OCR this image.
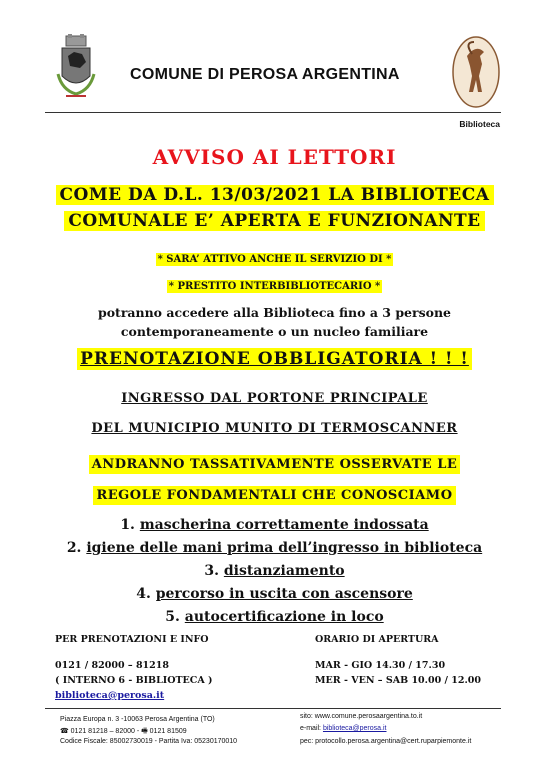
COMUNE DI PEROSA ARGENTINA
Biblioteca
AVVISO AI LETTORI
COME DA D.L. 13/03/2021 LA BIBLIOTECA
COMUNALE E’ APERTA E FUNZIONANTE
* SARA’ ATTIVO ANCHE IL SERVIZIO DI *
* PRESTITO INTERBIBLIOTECARIO *
potranno accedere alla Biblioteca fino a 3 persone
contemporaneamente o un nucleo familiare
PRENOTAZIONE OBBLIGATORIA ! ! !
INGRESSO DAL PORTONE PRINCIPALE
DEL MUNICIPIO MUNITO DI TERMOSCANNER
ANDRANNO TASSATIVAMENTE OSSERVATE LE
REGOLE FONDAMENTALI CHE CONOSCIAMO
1. mascherina correttamente indossata
2. igiene delle mani prima dell’ingresso in biblioteca
3. distanziamento
4. percorso in uscita con ascensore
5. autocertificazione in loco
PER PRENOTAZIONI E INFO
0121 / 82000 – 81218
( INTERNO 6 - BIBLIOTECA )
biblioteca@perosa.it
ORARIO DI APERTURA
MAR - GIO 14.30 / 17.30
MER - VEN – SAB 10.00 / 12.00
Piazza Europa n. 3 -10063 Perosa Argentina (TO)
☎ 0121 81218 – 82000 - 🖷 0121 81509
Codice Fiscale: 85002730019 - Partita Iva: 05230170010
sito: www.comune.perosaargentina.to.it
e-mail: biblioteca@perosa.it
pec: protocollo.perosa.argentina@cert.ruparpiemonte.it
